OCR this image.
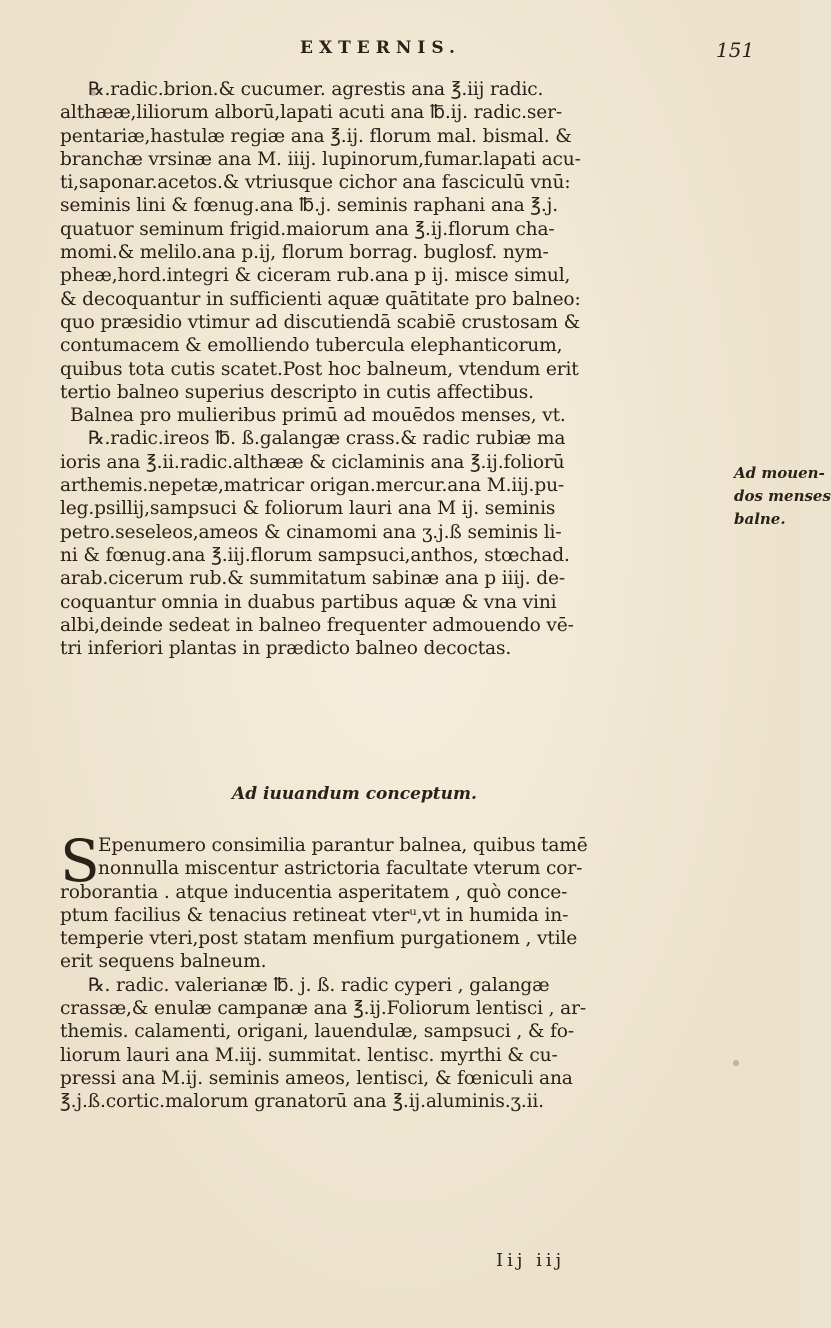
EXTERNIS.	151
℞.radic.brion.& cucumer. agrestis ana ℥.iij radic.
althææ,liliorum alborū,lapati acuti ana ℔.ij. radic.ser-
pentariæ,hastulæ regiæ ana ℥.ij. florum mal. bismal. &
branchæ vrsinæ ana M. iiij. lupinorum,fumar.lapati acu-
ti,saponar.acetos.& vtriusque cichor ana fasciculū vnū:
seminis lini & fœnug.ana ℔.j. seminis raphani ana ℥.j.
quatuor seminum frigid.maiorum ana ℥.ij.florum cha-
momi.& melilo.ana p.ij, florum borrag. buglosf. nym-
pheæ,hord.integri & ciceram rub.ana p ij. misce simul,
& decoquantur in sufficienti aquæ quātitate pro balneo:
quo præsidio vtimur ad discutiendā scabiē crustosam &
contumacem & emolliendo tubercula elephanticorum,
quibus tota cutis scatet.Post hoc balneum, vtendum erit
tertio balneo superius descripto in cutis affectibus.
Balnea pro mulieribus primū ad mouēdos menses, vt.
℞.radic.ireos ℔. ß.galangæ crass.& radic rubiæ ma
ioris ana ℥.ii.radic.althææ & ciclaminis ana ℥.ij.foliorū
arthemis.nepetæ,matricar origan.mercur.ana M.iij.pu-
leg.psillij,sampsuci & foliorum lauri ana M ij. seminis
petro.seseleos,ameos & cinamomi ana ʒ.j.ß seminis li-
ni & fœnug.ana ℥.iij.florum sampsuci,anthos, stœchad.
arab.cicerum rub.& summitatum sabinæ ana p iiij. de-
coquantur omnia in duabus partibus aquæ & vna vini
albi,deinde sedeat in balneo frequenter admouendo vē-
tri inferiori plantas in prædicto balneo decoctas.
Ad mouen-
dos menses
balne.
Ad iuuandum conceptum.
S
Epenumero consimilia parantur balnea, quibus tamē
nonnulla miscentur astrictoria facultate vterum cor-
roborantia . atque inducentia asperitatem , quò conce-
ptum facilius & tenacius retineat vterᵘ,vt in humida in-
temperie vteri,post statam menfium purgationem , vtile
erit sequens balneum.
℞. radic. valerianæ ℔. j. ß. radic cyperi , galangæ
crassæ,& enulæ campanæ ana ℥.ij.Foliorum lentisci , ar-
themis. calamenti, origani, lauendulæ, sampsuci , & fo-
liorum lauri ana M.iij. summitat. lentisc. myrthi & cu-
pressi ana M.ij. seminis ameos, lentisci, & fœniculi ana
℥.j.ß.cortic.malorum granatorū ana ℥.ij.aluminis.ʒ.ii.
Iij iij
